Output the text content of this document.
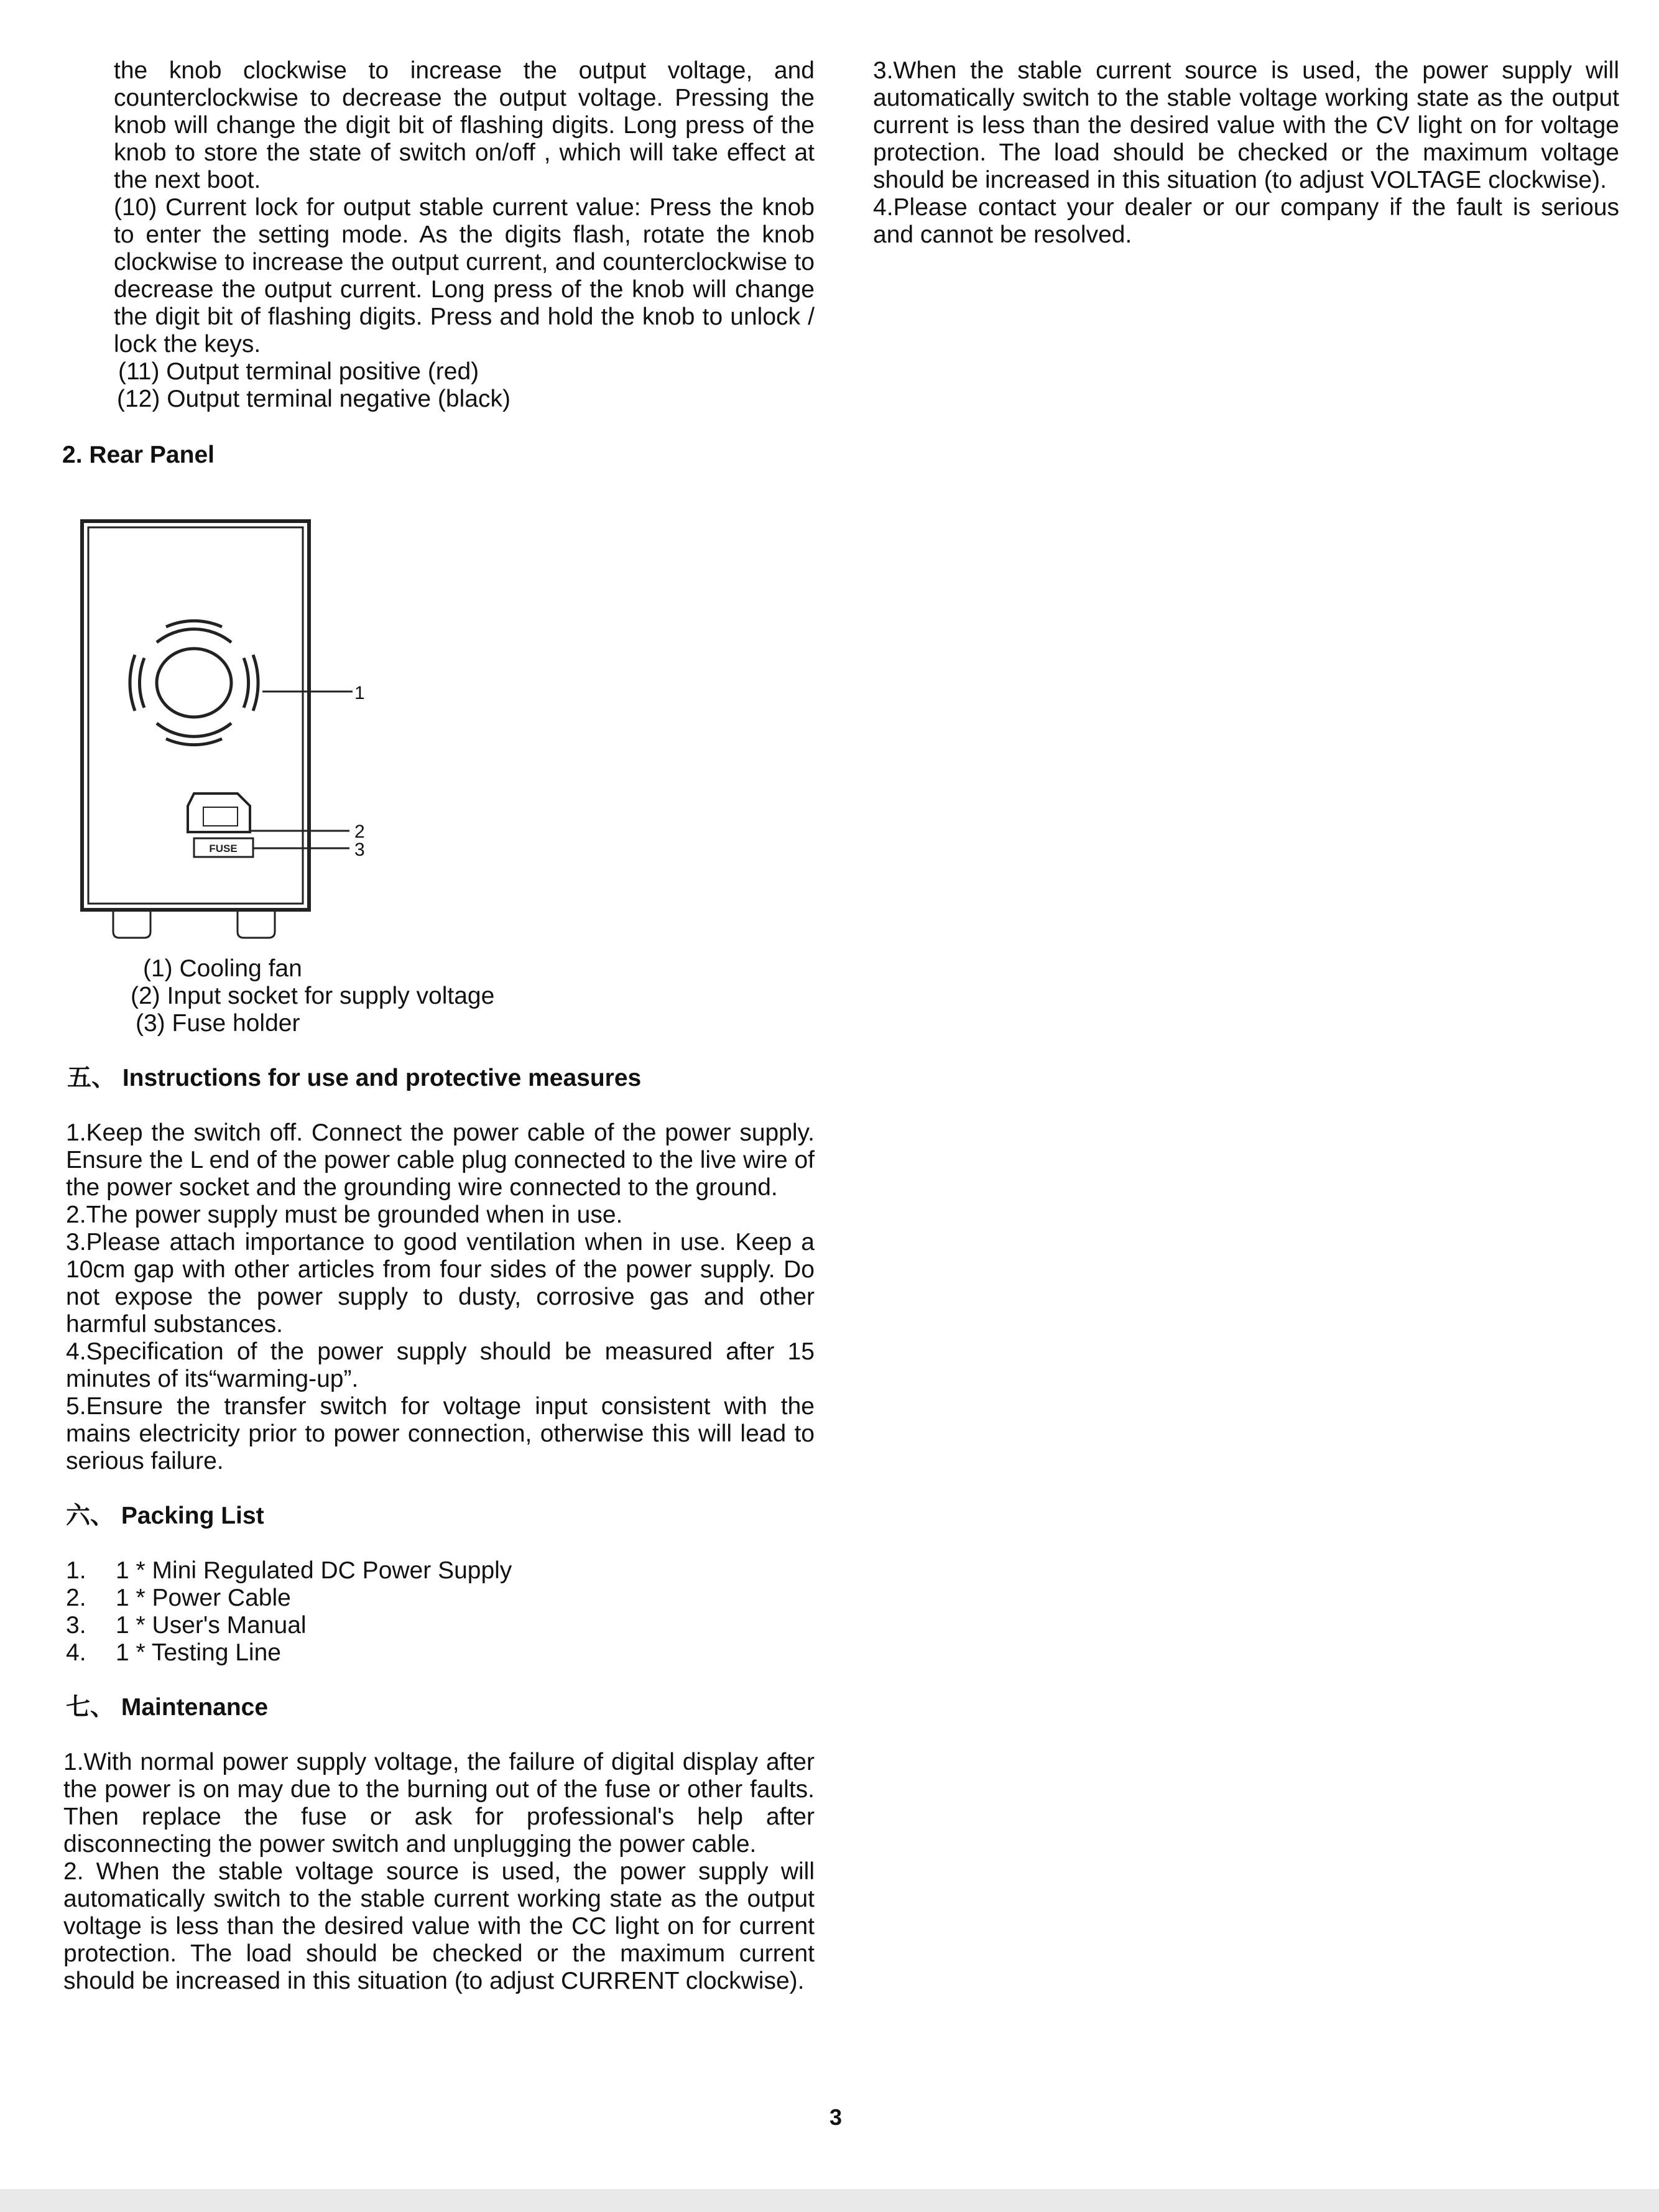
the knob clockwise to increase the output voltage, and counterclockwise to decrease the output voltage. Pressing the knob will change the digit bit of flashing digits. Long press of the knob to store the state of switch on/off , which will take effect at the next boot.

(10) Current lock for output stable current value: Press the knob to enter the setting mode. As the digits flash, rotate the knob clockwise to increase the output current, and counterclockwise to decrease the output current. Long press of the knob will change the digit bit of flashing digits. Press and hold the knob to unlock / lock the keys.

(11) Output terminal positive (red)

(12) Output terminal negative (black)

2. Rear Panel
FUSE
1
2
3

(1) Cooling fan

(2) Input socket for supply voltage

(3) Fuse holder

五、 Instructions for use and protective measures

1.Keep the switch off. Connect the power cable of the power supply. Ensure the L end of the power cable plug connected to the live wire of the power socket and the grounding wire connected to the ground.

2.The power supply must be grounded when in use.

3.Please attach importance to good ventilation when in use. Keep a 10cm gap with other articles from four sides of the power supply. Do not expose the power supply to dusty, corrosive gas and other harmful substances.

4.Specification of the power supply should be measured after 15 minutes of its“warming-up”.

5.Ensure the transfer switch for voltage input consistent with the mains electricity prior to power connection, otherwise this will lead to serious failure.

六、 Packing List
1.	1 * Mini Regulated DC Power Supply
2.	1 * Power Cable
3.	1 * User's Manual
4.	1 * Testing Line
七、 Maintenance

1.With normal power supply voltage, the failure of digital display after the power is on may due to the burning out of the fuse or other faults. Then replace the fuse or ask for professional's help after disconnecting the power switch and unplugging the power cable.

2. When the stable voltage source is used, the power supply will automatically switch to the stable current working state as the output voltage is less than the desired value with the CC light on for current protection. The load should be checked or the maximum current should be increased in this situation (to adjust CURRENT clockwise).

3.When the stable current source is used, the power supply will automatically switch to the stable voltage working state as the output current is less than the desired value with the CV light on for voltage protection. The load should be checked or the maximum voltage should be increased in this situation (to adjust VOLTAGE clockwise).

4.Please contact your dealer or our company if the fault is serious and cannot be resolved.

3
